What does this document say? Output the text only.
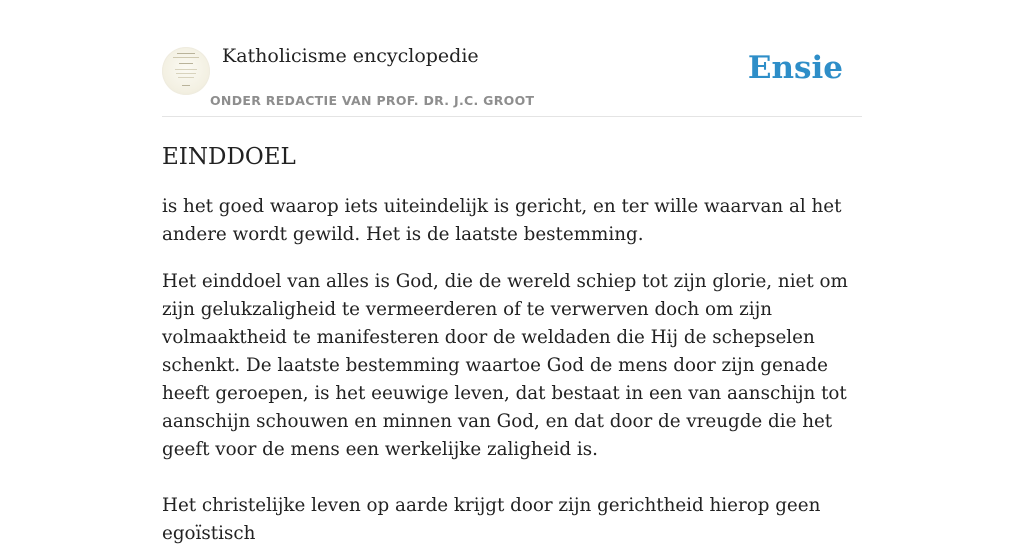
Katholicisme encyclopedie
ONDER REDACTIE VAN PROF. DR. J.C. GROOT
Ensie
EINDDOEL

is het goed waarop iets uiteindelijk is gericht, en ter wille waarvan al het andere wordt gewild. Het is de laatste bestemming.

Het einddoel van alles is God, die de wereld schiep tot zijn glorie, niet om zijn gelukzaligheid te vermeerderen of te verwerven doch om zijn volmaaktheid te manifesteren door de weldaden die Hij de schepselen schenkt. De laatste bestemming waartoe God de mens door zijn genade heeft geroepen, is het eeuwige leven, dat bestaat in een van aanschijn tot aanschijn schouwen en minnen van God, en dat door de vreugde die het geeft voor de mens een werkelijke zaligheid is.

Het christelijke leven op aarde krijgt door zijn gerichtheid hierop geen egoïstisch
